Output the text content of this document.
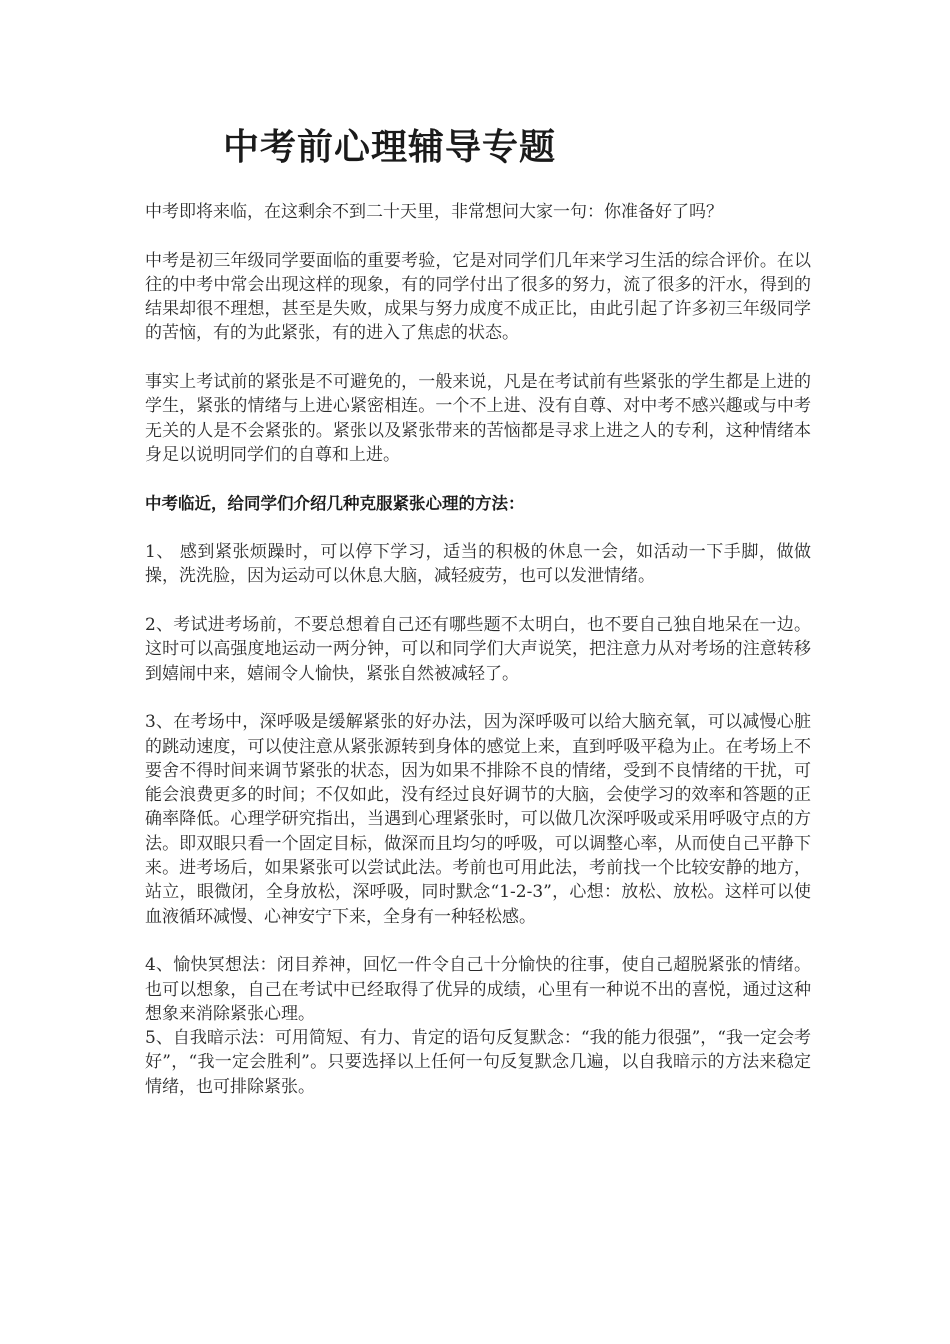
中考前心理辅导专题

中考即将来临，在这剩余不到二十天里，非常想问大家一句：你准备好了吗？

中考是初三年级同学要面临的重要考验，它是对同学们几年来学习生活的综合评价。在以往的中考中常会出现这样的现象，有的同学付出了很多的努力，流了很多的汗水，得到的结果却很不理想，甚至是失败，成果与努力成度不成正比，由此引起了许多初三年级同学的苦恼，有的为此紧张，有的进入了焦虑的状态。

事实上考试前的紧张是不可避免的，一般来说，凡是在考试前有些紧张的学生都是上进的学生，紧张的情绪与上进心紧密相连。一个不上进、没有自尊、对中考不感兴趣或与中考无关的人是不会紧张的。紧张以及紧张带来的苦恼都是寻求上进之人的专利，这种情绪本身足以说明同学们的自尊和上进。

中考临近，给同学们介绍几种克服紧张心理的方法：

1、 感到紧张烦躁时，可以停下学习，适当的积极的休息一会，如活动一下手脚，做做操，洗洗脸，因为运动可以休息大脑，减轻疲劳，也可以发泄情绪。

2、考试进考场前，不要总想着自己还有哪些题不太明白，也不要自己独自地呆在一边。这时可以高强度地运动一两分钟，可以和同学们大声说笑，把注意力从对考场的注意转移到嬉闹中来，嬉闹令人愉快，紧张自然被减轻了。

3、在考场中，深呼吸是缓解紧张的好办法，因为深呼吸可以给大脑充氧，可以减慢心脏的跳动速度，可以使注意从紧张源转到身体的感觉上来，直到呼吸平稳为止。在考场上不要舍不得时间来调节紧张的状态，因为如果不排除不良的情绪，受到不良情绪的干扰，可能会浪费更多的时间；不仅如此，没有经过良好调节的大脑，会使学习的效率和答题的正确率降低。心理学研究指出，当遇到心理紧张时，可以做几次深呼吸或采用呼吸守点的方法。即双眼只看一个固定目标，做深而且均匀的呼吸，可以调整心率，从而使自己平静下来。进考场后，如果紧张可以尝试此法。考前也可用此法，考前找一个比较安静的地方，站立，眼微闭，全身放松，深呼吸，同时默念“1-2-3”，心想：放松、放松。这样可以使血液循环减慢、心神安宁下来，全身有一种轻松感。

4、愉快冥想法：闭目养神，回忆一件令自己十分愉快的往事，使自己超脱紧张的情绪。也可以想象，自己在考试中已经取得了优异的成绩，心里有一种说不出的喜悦，通过这种想象来消除紧张心理。

5、自我暗示法：可用简短、有力、肯定的语句反复默念：“我的能力很强”，“我一定会考好”，“我一定会胜利”。只要选择以上任何一句反复默念几遍，以自我暗示的方法来稳定情绪，也可排除紧张。
